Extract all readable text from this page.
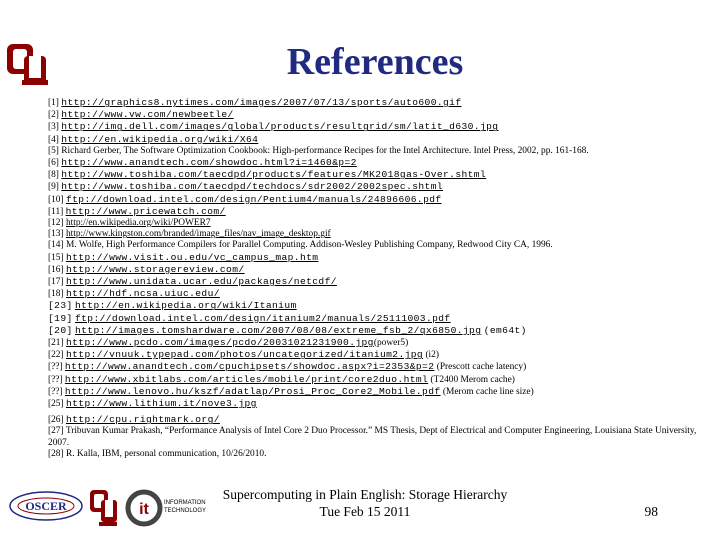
References
[1] http://graphics8.nytimes.com/images/2007/07/13/sports/auto600.gif
[2] http://www.vw.com/newbeetle/
[3] http://img.dell.com/images/global/products/resultgrid/sm/latit_d630.jpg
[4] http://en.wikipedia.org/wiki/X64
[5] Richard Gerber, The Software Optimization Cookbook: High-performance Recipes for the Intel Architecture. Intel Press, 2002, pp. 161-168.
[6] http://www.anandtech.com/showdoc.html?i=1460&p=2
[8] http://www.toshiba.com/taecdpd/products/features/MK2018gas-Over.shtml
[9] http://www.toshiba.com/taecdpd/techdocs/sdr2002/2002spec.shtml
[10] ftp://download.intel.com/design/Pentium4/manuals/24896606.pdf
[11] http://www.pricewatch.com/
[12] http://en.wikipedia.org/wiki/POWER7
[13] http://www.kingston.com/branded/image_files/nav_image_desktop.gif
[14] M. Wolfe, High Performance Compilers for Parallel Computing. Addison-Wesley Publishing Company, Redwood City CA, 1996.
[15] http://www.visit.ou.edu/vc_campus_map.htm
[16] http://www.storagereview.com/
[17] http://www.unidata.ucar.edu/packages/netcdf/
[18] http://hdf.ncsa.uiuc.edu/
[23] http://en.wikipedia.org/wiki/Itanium
[19] ftp://download.intel.com/design/itanium2/manuals/25111003.pdf
[20] http://images.tomshardware.com/2007/08/08/extreme_fsb_2/qx6850.jpg (em64t)
[21] http://www.pcdo.com/images/pcdo/20031021231900.jpg(power5)
[22] http://vnuuk.typepad.com/photos/uncategorized/itanium2.jpg (i2)
[??] http://www.anandtech.com/cpuchipsets/showdoc.aspx?i=2353&p=2 (Prescott cache latency)
[??] http://www.xbitlabs.com/articles/mobile/print/core2duo.html (T2400 Merom cache)
[??] http://www.lenovo.hu/kszf/adatlap/Prosi_Proc_Core2_Mobile.pdf (Merom cache line size)
[25] http://www.lithium.it/nove3.jpg
[26] http://cpu.rightmark.org/
[27] Tribuvan Kumar Prakash, “Performance Analysis of Intel Core 2 Duo Processor.” MS Thesis, Dept of Electrical and Computer Engineering, Louisiana State University, 2007.
[28] R. Kalla, IBM, personal communication, 10/26/2010.
OSCER	it	INFORMATION
TECHNOLOGY
Supercomputing in Plain English: Storage Hierarchy
Tue Feb 15 2011	98
